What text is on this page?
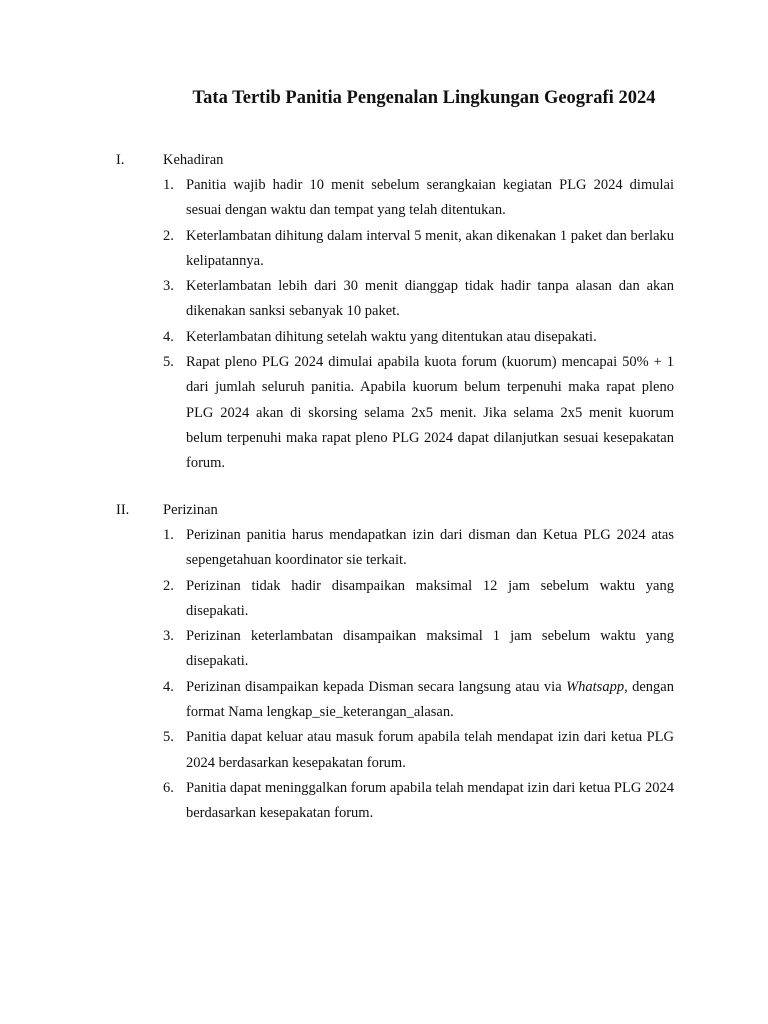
Tata Tertib Panitia Pengenalan Lingkungan Geografi 2024
I.	Kehadiran
1. Panitia wajib hadir 10 menit sebelum serangkaian kegiatan PLG 2024 dimulai sesuai dengan waktu dan tempat yang telah ditentukan.
2. Keterlambatan dihitung dalam interval 5 menit, akan dikenakan 1 paket dan berlaku kelipatannya.
3. Keterlambatan lebih dari 30 menit dianggap tidak hadir tanpa alasan dan akan dikenakan sanksi sebanyak 10 paket.
4. Keterlambatan dihitung setelah waktu yang ditentukan atau disepakati.
5. Rapat pleno PLG 2024 dimulai apabila kuota forum (kuorum) mencapai 50% + 1 dari jumlah seluruh panitia. Apabila kuorum belum terpenuhi maka rapat pleno PLG 2024 akan di skorsing selama 2x5 menit. Jika selama 2x5 menit kuorum belum terpenuhi maka rapat pleno PLG 2024 dapat dilanjutkan sesuai kesepakatan forum.
II. Perizinan
1. Perizinan panitia harus mendapatkan izin dari disman dan Ketua PLG 2024 atas sepengetahuan koordinator sie terkait.
2. Perizinan tidak hadir disampaikan maksimal 12 jam sebelum waktu yang disepakati.
3. Perizinan keterlambatan disampaikan maksimal 1 jam sebelum waktu yang disepakati.
4. Perizinan disampaikan kepada Disman secara langsung atau via Whatsapp, dengan format Nama lengkap_sie_keterangan_alasan.
5. Panitia dapat keluar atau masuk forum apabila telah mendapat izin dari ketua PLG 2024 berdasarkan kesepakatan forum.
6. Panitia dapat meninggalkan forum apabila telah mendapat izin dari ketua PLG 2024 berdasarkan kesepakatan forum.
